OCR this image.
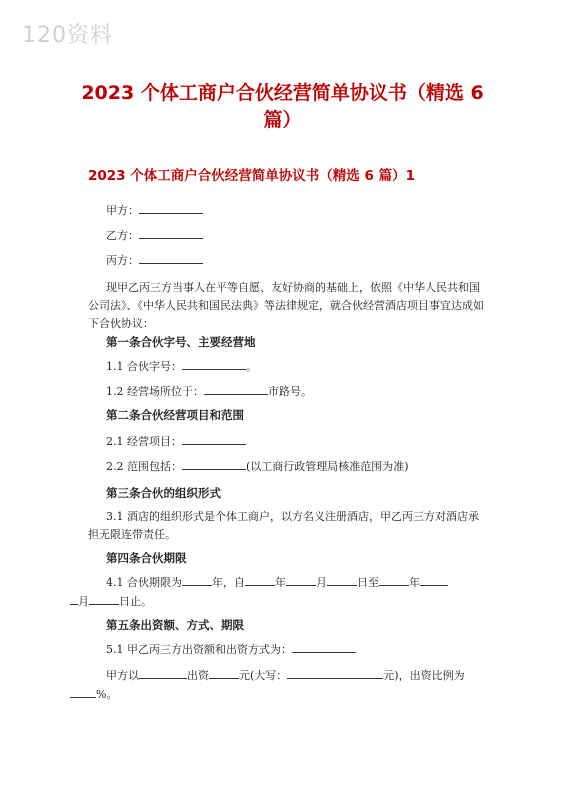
120资料
2023 个体工商户合伙经营简单协议书（精选 6
篇）
2023 个体工商户合伙经营简单协议书（精选 6 篇）1
甲方：
乙方：
丙方：
现甲乙丙三方当事人在平等自愿、友好协商的基础上，依照《中华人民共和国公司法》、《中华人民共和国民法典》等法律规定，就合伙经营酒店项目事宜达成如下合伙协议：
第一条合伙字号、主要经营地
1.1 合伙字号：	。
1.2 经营场所位于：	市路号。
第二条合伙经营项目和范围
2.1 经营项目：
2.2 范围包括：	(以工商行政管理局核准范围为准)
第三条合伙的组织形式
3.1 酒店的组织形式是个体工商户，以方名义注册酒店，甲乙丙三方对酒店承担无限连带责任。
第四条合伙期限
4.1 合伙期限为	年，自	年	月	日至	年
月	日止。
第五条出资额、方式、期限
5.1 甲乙丙三方出资额和出资方式为：
甲方以	出资	元(大写：	元)，出资比例为
%。
